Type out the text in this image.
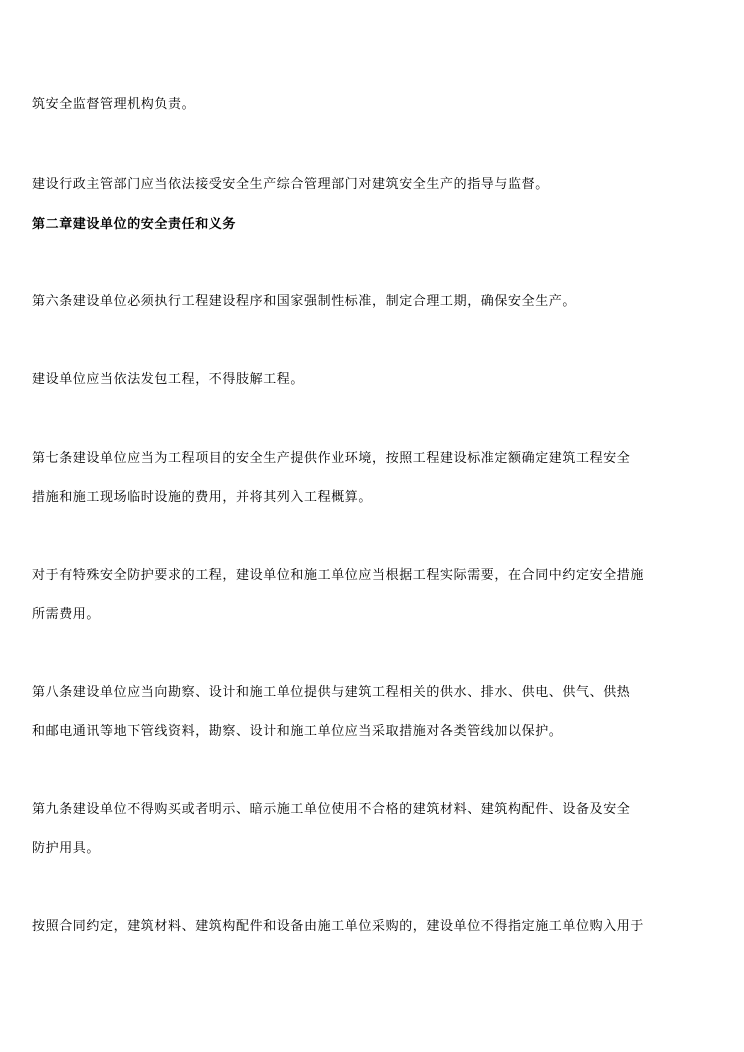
筑安全监督管理机构负责。
建设行政主管部门应当依法接受安全生产综合管理部门对建筑安全生产的指导与监督。
第二章建设单位的安全责任和义务
第六条建设单位必须执行工程建设程序和国家强制性标准，制定合理工期，确保安全生产。
建设单位应当依法发包工程，不得肢解工程。
第七条建设单位应当为工程项目的安全生产提供作业环境，按照工程建设标准定额确定建筑工程安全
措施和施工现场临时设施的费用，并将其列入工程概算。
对于有特殊安全防护要求的工程，建设单位和施工单位应当根据工程实际需要，在合同中约定安全措施
所需费用。
第八条建设单位应当向勘察、设计和施工单位提供与建筑工程相关的供水、排水、供电、供气、供热
和邮电通讯等地下管线资料，勘察、设计和施工单位应当采取措施对各类管线加以保护。
第九条建设单位不得购买或者明示、暗示施工单位使用不合格的建筑材料、建筑构配件、设备及安全
防护用具。
按照合同约定，建筑材料、建筑构配件和设备由施工单位采购的，建设单位不得指定施工单位购入用于
